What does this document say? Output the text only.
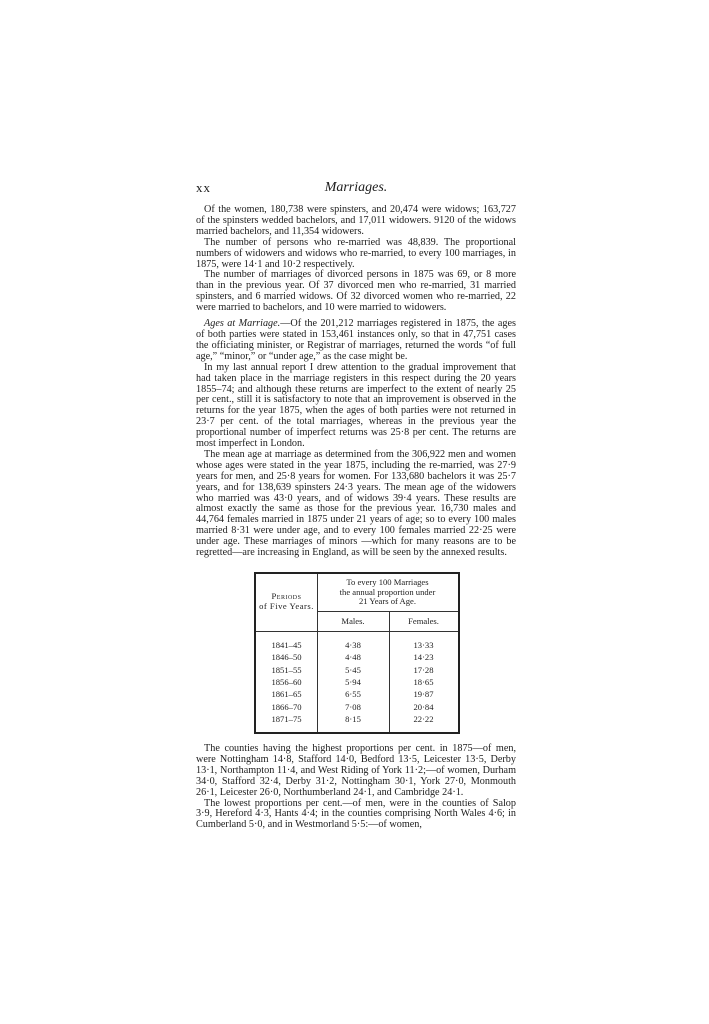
xx	Marriages.

Of the women, 180,738 were spinsters, and 20,474 were widows; 163,727 of the spinsters wedded bachelors, and 17,011 widowers. 9120 of the widows married bachelors, and 11,354 widowers.

The number of persons who re-married was 48,839. The proportional numbers of widowers and widows who re-married, to every 100 marriages, in 1875, were 14·1 and 10·2 respectively.

The number of marriages of divorced persons in 1875 was 69, or 8 more than in the previous year. Of 37 divorced men who re-married, 31 married spinsters, and 6 married widows. Of 32 divorced women who re-married, 22 were married to bachelors, and 10 were married to widowers.

Ages at Marriage.—Of the 201,212 marriages registered in 1875, the ages of both parties were stated in 153,461 instances only, so that in 47,751 cases the officiating minister, or Registrar of marriages, returned the words “of full age,” “minor,” or “under age,” as the case might be.

In my last annual report I drew attention to the gradual improvement that had taken place in the marriage registers in this respect during the 20 years 1855–74; and although these returns are imperfect to the extent of nearly 25 per cent., still it is satisfactory to note that an improvement is observed in the returns for the year 1875, when the ages of both parties were not returned in 23·7 per cent. of the total marriages, whereas in the previous year the proportional number of imperfect returns was 25·8 per cent. The returns are most imperfect in London.

The mean age at marriage as determined from the 306,922 men and women whose ages were stated in the year 1875, including the re-married, was 27·9 years for men, and 25·8 years for women. For 133,680 bachelors it was 25·7 years, and for 138,639 spinsters 24·3 years. The mean age of the widowers who married was 43·0 years, and of widows 39·4 years. These results are almost exactly the same as those for the previous year. 16,730 males and 44,764 females married in 1875 under 21 years of age; so to every 100 males married 8·31 were under age, and to every 100 females married 22·25 were under age. These marriages of minors —which for many reasons are to be regretted—are increasing in England, as will be seen by the annexed results.

Periods
of Five Years.
To every 100 Marriages
the annual proportion under
21 Years of Age.
Males.	Females.
1841–45	4·38	13·33
1846–50	4·48	14·23
1851–55	5·45	17·28
1856–60	5·94	18·65
1861–65	6·55	19·87
1866–70	7·08	20·84
1871–75	8·15	22·22

The counties having the highest proportions per cent. in 1875—of men, were Nottingham 14·8, Stafford 14·0, Bedford 13·5, Leicester 13·5, Derby 13·1, Northampton 11·4, and West Riding of York 11·2;—of women, Durham 34·0, Stafford 32·4, Derby 31·2, Nottingham 30·1, York 27·0, Monmouth 26·1, Leicester 26·0, Northumberland 24·1, and Cambridge 24·1.

The lowest proportions per cent.—of men, were in the counties of Salop 3·9, Hereford 4·3, Hants 4·4; in the counties comprising North Wales 4·6; in Cumberland 5·0, and in Westmorland 5·5:—of women,
